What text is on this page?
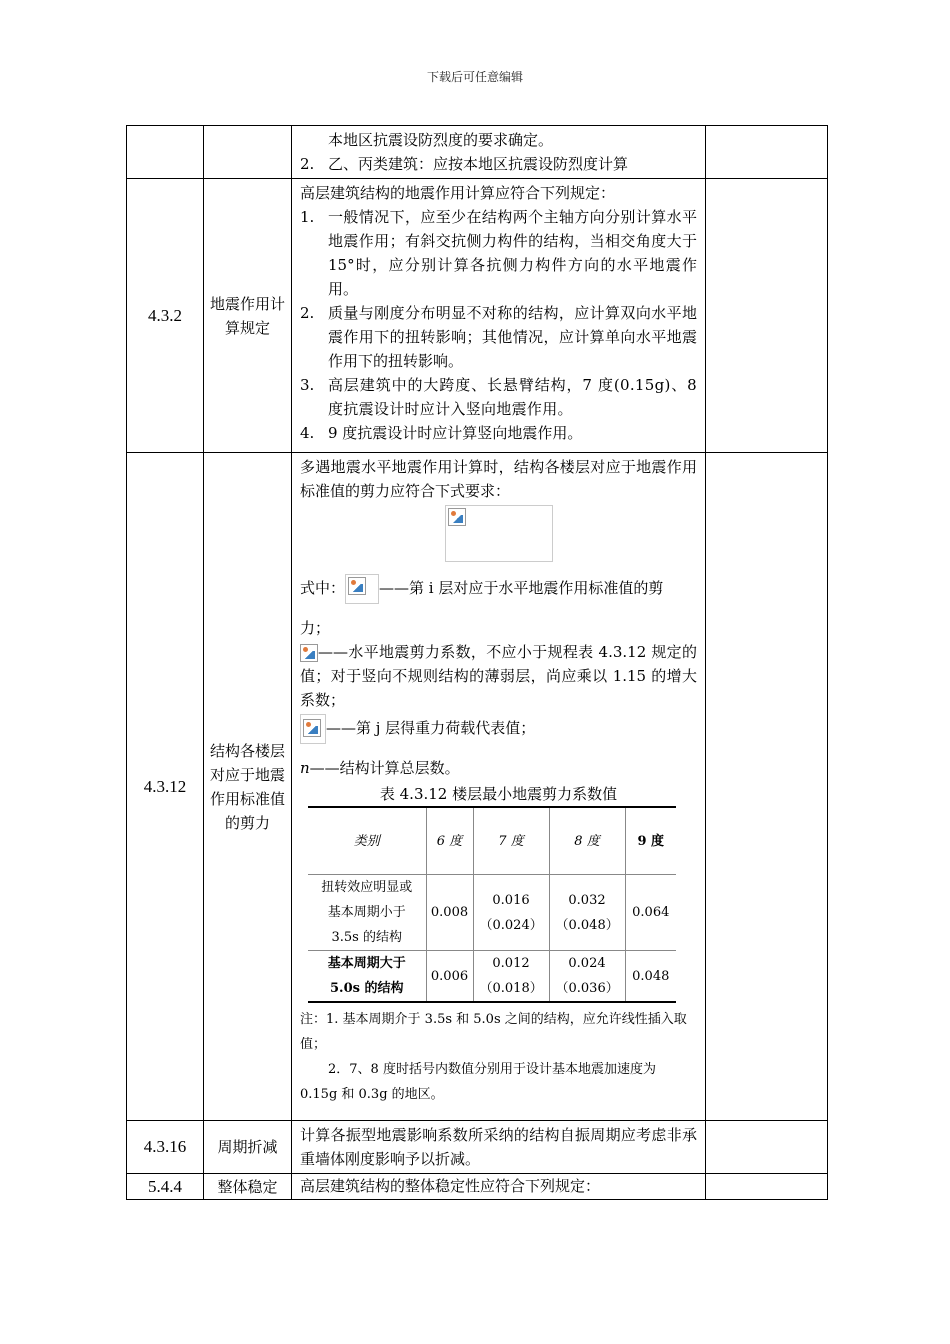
下载后可任意编辑

本地区抗震设防烈度的要求确定。
2. 乙、丙类建筑：应按本地区抗震设防烈度计算

4.3.2	地震作用计算规定	
高层建筑结构的地震作用计算应符合下列规定：
1. 一般情况下，应至少在结构两个主轴方向分别计算水平地震作用；有斜交抗侧力构件的结构，当相交角度大于 15°时，应分别计算各抗侧力构件方向的水平地震作用。
2. 质量与刚度分布明显不对称的结构，应计算双向水平地震作用下的扭转影响；其他情况，应计算单向水平地震作用下的扭转影响。
3. 高层建筑中的大跨度、长悬臂结构，7 度(0.15g)、8 度抗震设计时应计入竖向地震作用。
4. 9 度抗震设计时应计算竖向地震作用。

4.3.12	结构各楼层对应于地震作用标准值的剪力	
多遇地震水平地震作用计算时，结构各楼层对应于地震作用标准值的剪力应符合下式要求：
式中： ——第 i 层对应于水平地震作用标准值的剪
力；
——水平地震剪力系数，不应小于规程表 4.3.12 规定的值；对于竖向不规则结构的薄弱层，尚应乘以 1.15 的增大系数；
——第 j 层得重力荷载代表值；
n——结构计算总层数。
表 4.3.12 楼层最小地震剪力系数值
类别	6 度	7 度	8 度	9 度
扭转效应明显或基本周期小于 3.5s 的结构	0.008	0.016（0.024）	0.032（0.048）	0.064
基本周期大于 5.0s 的结构	0.006	0.012（0.018）	0.024（0.036）	0.048
注：1. 基本周期介于 3.5s 和 5.0s 之间的结构，应允许线性插入取值；
2．7、8 度时括号内数值分别用于设计基本地震加速度为
0.15g 和 0.3g 的地区。

4.3.16	周期折减	计算各振型地震影响系数所采纳的结构自振周期应考虑非承重墙体刚度影响予以折减。	
5.4.4	整体稳定	高层建筑结构的整体稳定性应符合下列规定：	
